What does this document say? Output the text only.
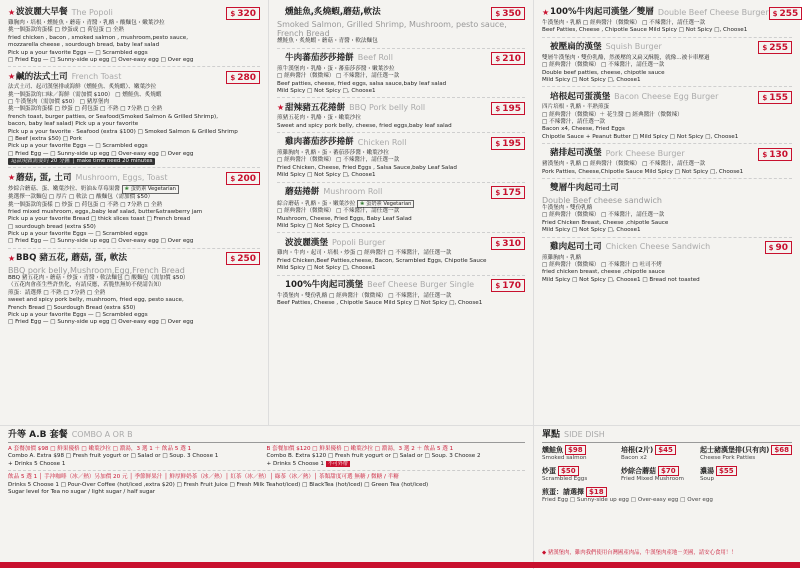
★ 波波麗大早餐 The Popoli	$ 320
雞胸肉・培根・燻鮭魚・蘑菇・青醬・乳酪・酸麵包・嫩葉沙拉
挑一個蛋款的蛋樣 □ 炒蛋或 □ 荷包蛋 □ 全熟
fried chicken , bacon , smoked salmon , mushroom,pesto sauce,
mozzarella cheese , sourdough bread, baby leaf salad
Pick up a your favorite Eggs — □ Scrambled eggs
□ Fried Egg — □ Sunny-side up egg □ Over-easy egg □ Over egg
★ 鹹的法式土司 French Toast	$ 280
法式土司、起司漢堡排或海鮮（燻鮭魚、炙燒蝦）、嫩葉沙拉
挑一個蛋款的口味／海鮮（需加價 $100） □ 燻鮭魚、炙燒蝦
□ 牛漢堡肉（需加價 $50） □ 豬厚堡肉
挑一個蛋款的蛋樣 □ 炒蛋 □ 荷包蛋 □ 不熟 □ 7分熟 □ 全熟
french toast, burger patties, or Seafood(Smoked Salmon & Grilled Shrimp),
bacon, baby leaf salad) Pick up a your favorite
Pick up a your favorite · Seafood (extra $100) □ Smoked Salmon & Grilled Shrimp
□ Beef (extra $50) □ Pork
Pick up a your favorite Eggs — □ Scrambled eggs
□ Fried Egg — □ Sunny-side up egg □ Over-easy egg □ Over egg
這款現做需要約 20 分鐘 │ make time need 20 minutes
★ 蘑菇, 蛋, 土司 Mushroom, Eggs, Toast	$ 200
炒綜合蘑菇、蛋、嫩葉沙拉、奶油＆草莓果醬 ❀ 蛋奶素 Vegetarian
挑選擇一款麵包 □ 厚片 □ 軟法 □ 酸麵包（需加價 $50）
挑一個蛋款的蛋樣 □ 炒蛋 □ 荷包蛋 □ 不熟 □ 7分熟 □ 全熟
fried mixed mushroom, eggs,,baby leaf salad, butter&strawberry jam
Pick up a your favorite Bread □ thick slices toast □ French bread
□ sourdough bread (extra $50)
Pick up a your favorite Eggs — □ Scrambled eggs
□ Fried Egg — □ Sunny-side up egg □ Over-easy egg □ Over egg
★ BBQ 豬五花, 蘑菇, 蛋, 軟法	$ 250
BBQ pork belly,Mushroom,Egg,French Bread
BBQ 豬五花肉・蘑菇・炒蛋・青醬・軟法麵包 □ 酸麵包（需加價 $50）
（五花肉會產生些許焦化，有請反應，若脆焦無妨不便請告知）
煎蛋：請選擇 □ 不熟 □ 7分熟 □ 全熟
sweet and spicy pork belly, mushroom, fried egg, pesto sauce,
French Bread □ Sourdough Bread (extra $50)
Pick up a your favorite Eggs — □ Scrambled eggs
□ Fried Egg — □ Sunny-side up egg □ Over-easy egg □ Over egg
燻鮭魚,炙燒蝦,蘑菇,軟法	$ 350
Smoked Salmon, Grilled Shrimp, Mushroom, pesto sauce, French Bread
燻鮭魚・炙燒蝦・蘑菇・青醬・軟法麵包
牛肉蕃茄莎莎捲餅 Beef Roll	$ 210
煎牛漢堡肉・乳酪・蛋・蕃茄莎莎醬・嫩葉沙拉
□ 經典醬汁（微微辣） □ 不辣醬汁，請任選一款
Beef patties, cheese, fried eggs, salsa sauce,baby leaf salad
Mild Spicy □ Not Spicy □, Choose1
★ 甜辣豬五花捲餅 BBQ Pork belly Roll	$ 195
煎豬五花肉・乳酪・蛋・嫩葉沙拉
Sweet and spicy pork belly, cheese, fried eggs,baby leaf salad
雞肉蕃茄莎莎捲餅 Chicken Roll	$ 195
煎雞胸肉・乳酪・蛋・蕃茄莎莎醬・嫩葉沙拉
□ 經典醬汁（微微辣） □ 不辣醬汁，請任選一款
Fried Chicken, Cheese, Fried Eggs , Salsa Sauce,baby Leaf Salad
Mild Spicy □ Not Spicy □, Choose1
蘑菇捲餅 Mushroom Roll	$ 175
綜合蘑菇・乳酪・蛋・嫩葉沙拉 ❀ 蛋奶素 Vegetarian
□ 經典醬汁（微微辣） □ 不辣醬汁，請任選一款
Mushroom, Cheese, Fried Eggs, Baby Leaf Salad
Mild Spicy □ Not Spicy □, Choose1
波波麗漢堡 Popoli Burger	$ 310
雞肉・牛肉・起司・培根・炒蛋 □ 經典醬汁 □ 不辣醬汁，請任選一款
Fried Chicken,Beef Patties,cheese, Bacon, Scrambled Eggs, Chipotle Sauce
Mild Spicy □ Not Spicy □, Choose1
100%牛肉起司漢堡 Beef Cheese Burger Single	$ 170
牛漢堡肉・雙份乳酪 □ 經典醬汁（微微辣） □ 不辣醬汁，請任選一款
Beef Patties, Cheese , Chipotle Sauce Mild Spicy □ Not Spicy □, Choose1
★ 100%牛肉起司漢堡／雙層 Double Beef Cheese Burger $ 255
牛漢堡肉・乳酪 □ 經典醬汁（微微辣） □ 不辣醬汁，請任選一款
Beef Patties, Cheese , Chipotle Sauce Mild Spicy □ Not Spicy □, Choose1
被壓扁的漢堡 Squish Burger	$ 255
雙層牛漢堡肉・雙份乳酪，然後壓的又扁又酥脆，就像...被卡車壓過
□ 經典醬汁（微微辣） □ 不辣醬汁，請任選一款
Double beef patties, cheese, chipotle sauce
Mild Spicy □ Not Spicy □, Choose1
培根起司蛋漢堡 Bacon Cheese Egg Burger	$ 155
四片培根・乳酪・半熟煎蛋
□ 經典醬汁（微微辣）＋ 花生醬 □ 經典醬汁（微微辣）
□ 不辣醬汁，請任選一款
Bacon x4, Cheese, Fried Eggs
Chipotle Sauce + Peanut Butter □ Mild Spicy □ Not Spicy □, Choose1
豬排起司漢堡 Pork Cheese Burger	$ 130
豬漢堡肉・乳酪 □ 經典醬汁（微微辣） □ 不辣醬汁，請任選一款
Pork Patties, Cheese,Chipotle Sauce Mild Spicy □ Not Spicy □, Choose1
雙層牛肉起司土司
Double Beef cheese sandwich
牛漢堡肉・雙份乳酪
□ 經典醬汁（微微辣） □ 不辣醬汁，請任選一款
Fried Chicken Breast, Cheese ,chipotle Sauce
Mild Spicy □ Not Spicy □, Choose1
雞肉起司土司 Chicken Cheese Sandwich	$ 90
煎雞胸肉・乳酪
□ 經典醬汁（微微辣） □ 不辣醬汁 □ 吐司不烤
fried chicken breast, cheese ,chipotle sauce
Mild Spicy □ Not Spicy □, Choose1 □ Bread not toasted
升等 A.B 套餐 COMBO A OR B
A 套餐加價 $98 □ 鮮果優格 □ 嫩葉沙拉 □ 濃湯，3 選 1 ＋ 飲品 5 選 1
Combo A. Extra $98 □ Fresh fruit yogurt or □ Salad or □ Soup. 3 Choose 1
+ Drinks 5 Choose 1
B 套餐加價 $120 □ 鮮果優格 □ 嫩葉沙拉 □ 濃湯，3 選 2 ＋ 飲品 5 選 1
Combo B. Extra $120 □ Fresh fruit yogurt or □ Salad or □ Soup. 3 Choose 2
+ Drinks 5 Choose 1 不可外帶
飲品 5 選 1 │ 手沖咖啡（冰／熱）另加價 20 元 │ 季節鮮果汁 │ 鮮厚鮮奶茶（冰／熱）│ 紅茶（冰／熱）│ 綠茶（冰／熱）│ 茶類甜度可選 無糖 / 微糖 / 半糖
Drinks 5 Choose 1 □ Pour-Over Coffee (hot/iced ,extra $20) □ Fresh Fruit Juice □ Fresh Milk Teahot/iced) □ BlackTea (hot/iced) □ Green Tea (hot/iced)
Sugar level for Tea no sugar / light sugar / half sugar
單點 SIDE DISH
燻鮭魚 $98
Smoked salmon
培根(2片) $45
Bacon x2
起士豬漢堡排(只有肉) $68
Cheese Pork Patties
炒蛋 $50
Scrambled Eggs
炒綜合蘑菇 $70
Fried Mixed Mushroom
濃湯 $55
Soup
煎蛋：請選擇 $18
Fried Egg □ Sunny-side up egg □ Over-easy egg □ Over egg
◆ 豬漢堡肉，雞肉我們使用台灣國產肉品，牛漢堡肉產地－美國，請安心食用！！
